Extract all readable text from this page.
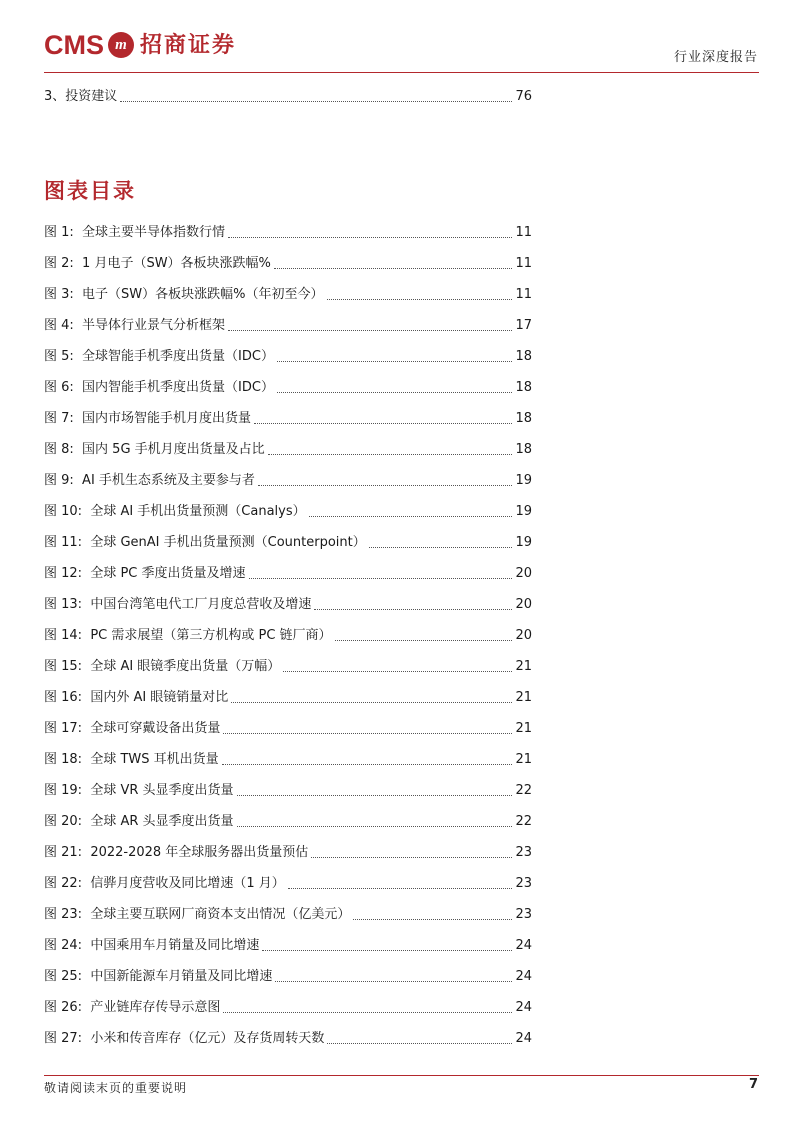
CMS m 招商证券	行业深度报告
3、投资建议	76
图表目录
图 1:  全球主要半导体指数行情	11
图 2:  1 月电子（SW）各板块涨跌幅%	11
图 3:  电子（SW）各板块涨跌幅%（年初至今）	11
图 4:  半导体行业景气分析框架	17
图 5:  全球智能手机季度出货量（IDC）	18
图 6:  国内智能手机季度出货量（IDC）	18
图 7:  国内市场智能手机月度出货量	18
图 8:  国内 5G 手机月度出货量及占比	18
图 9:  AI 手机生态系统及主要参与者	19
图 10:  全球 AI 手机出货量预测（Canalys）	19
图 11:  全球 GenAI 手机出货量预测（Counterpoint）	19
图 12:  全球 PC 季度出货量及增速	20
图 13:  中国台湾笔电代工厂月度总营收及增速	20
图 14:  PC 需求展望（第三方机构或 PC 链厂商）	20
图 15:  全球 AI 眼镜季度出货量（万幅）	21
图 16:  国内外 AI 眼镜销量对比	21
图 17:  全球可穿戴设备出货量	21
图 18:  全球 TWS 耳机出货量	21
图 19:  全球 VR 头显季度出货量	22
图 20:  全球 AR 头显季度出货量	22
图 21:  2022-2028 年全球服务器出货量预估	23
图 22:  信骅月度营收及同比增速（1 月）	23
图 23:  全球主要互联网厂商资本支出情况（亿美元）	23
图 24:  中国乘用车月销量及同比增速	24
图 25:  中国新能源车月销量及同比增速	24
图 26:  产业链库存传导示意图	24
图 27:  小米和传音库存（亿元）及存货周转天数	24
敬请阅读末页的重要说明	7
